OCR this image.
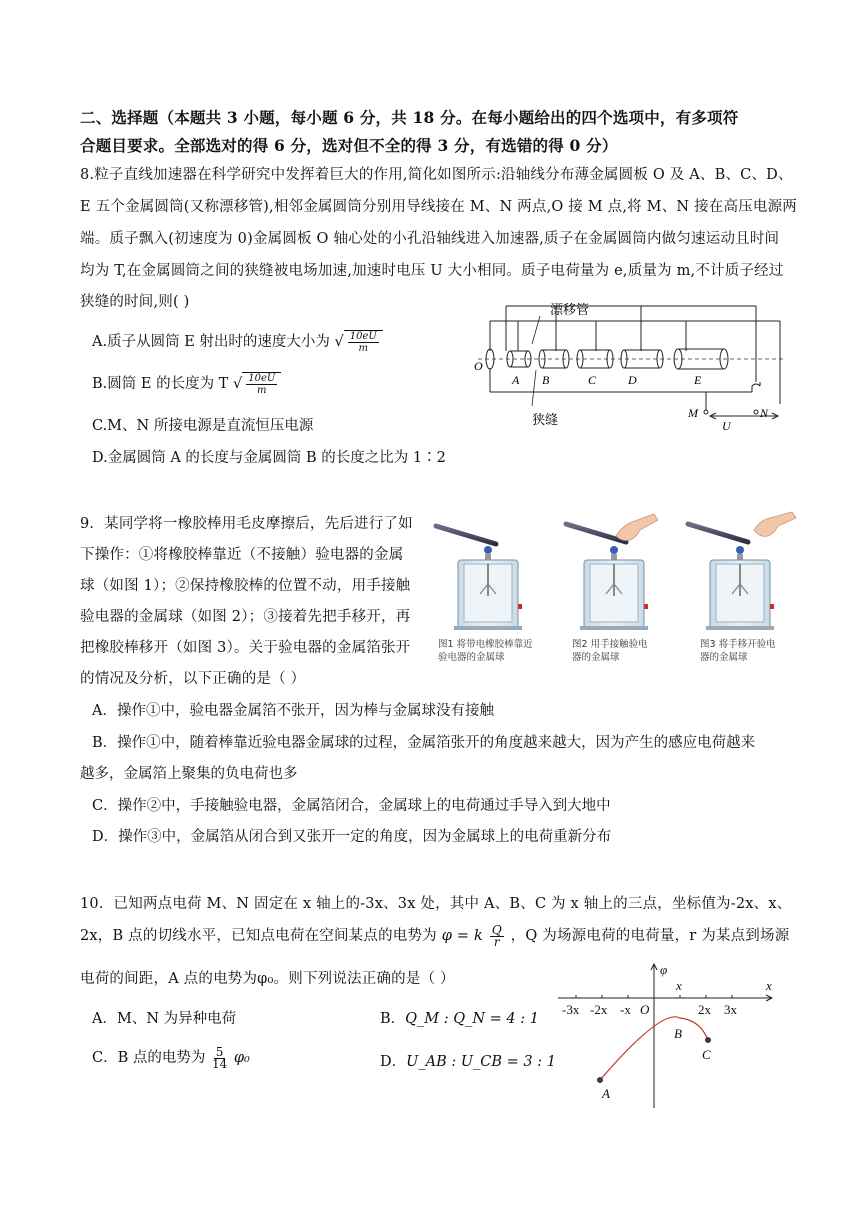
二、选择题（本题共 3 小题，每小题 6 分，共 18 分。在每小题给出的四个选项中，有多项符
合题目要求。全部选对的得 6 分，选对但不全的得 3 分，有选错的得 0 分）
8.粒子直线加速器在科学研究中发挥着巨大的作用,简化如图所示:沿轴线分布薄金属圆板 O 及 A、B、C、D、
E 五个金属圆筒(又称漂移管),相邻金属圆筒分别用导线接在 M、N 两点,O 接 M 点,将 M、N 接在高压电源两
端。质子飘入(初速度为 0)金属圆板 O 轴心处的小孔沿轴线进入加速器,质子在金属圆筒内做匀速运动且时间
均为 T,在金属圆筒之间的狭缝被电场加速,加速时电压 U 大小相同。质子电荷量为 e,质量为 m,不计质子经过
狭缝的时间,则( )
A.质子从圆筒 E 射出时的速度大小为 √ $\frac{10eU}{m}$
B.圆筒 E 的长度为 T √ $\frac{10eU}{m}$
C.M、N 所接电源是直流恒压电源
D.金属圆筒 A 的长度与金属圆筒 B 的长度之比为 1∶2
漂移管
狭缝
O
A B	C	D	E
M	N
U
9．某同学将一橡胶棒用毛皮摩擦后，先后进行了如
下操作：①将橡胶棒靠近（不接触）验电器的金属
球（如图 1）；②保持橡胶棒的位置不动，用手接触
验电器的金属球（如图 2）；③接着先把手移开，再
把橡胶棒移开（如图 3）。关于验电器的金属箔张开
的情况及分析，以下正确的是（ ）
A．操作①中，验电器金属箔不张开，因为棒与金属球没有接触
B．操作①中，随着棒靠近验电器金属球的过程，金属箔张开的角度越来越大，因为产生的感应电荷越来
越多，金属箔上聚集的负电荷也多
C．操作②中，手接触验电器，金属箔闭合，金属球上的电荷通过手导入到大地中
D．操作③中，金属箔从闭合到又张开一定的角度，因为金属球上的电荷重新分布
图1 将带电橡胶棒靠近
验电器的金属球
图2 用手接触验电
器的金属球
图3 将手移开验电
器的金属球
10．已知两点电荷 M、N 固定在 x 轴上的-3x、3x 处，其中 A、B、C 为 x 轴上的三点，坐标值为-2x、x、
2x，B 点的切线水平，已知点电荷在空间某点的电势为 φ = k $\frac{Q}{r}$ ，Q 为场源电荷的电荷量，r 为某点到场源
电荷的间距，A 点的电势为φ₀。则下列说法正确的是（ ）
A．M、N 为异种电荷	B．Q_M : Q_N = 4 : 1
C．B 点的电势为 $\frac{5}{14} \varphi_0$	D．U_AB : U_CB = 3 : 1
-3x -2x -x O
x
2x 3x
x
φ
A
B
C
